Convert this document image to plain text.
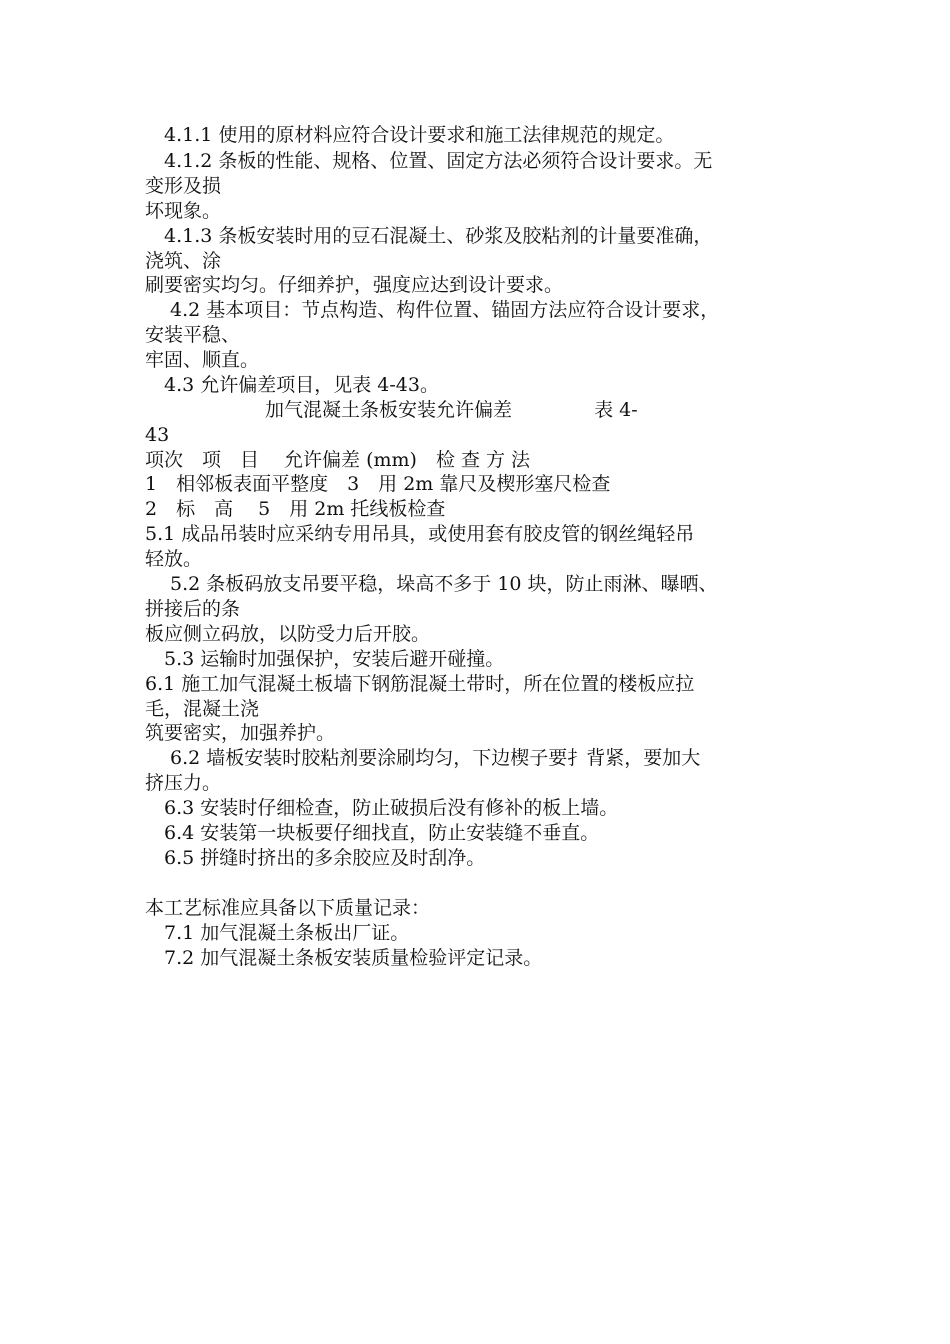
　4.1.1 使用的原材料应符合设计要求和施工法律规范的规定。
　4.1.2 条板的性能、规格、位置、固定方法必须符合设计要求。无
变形及损
坏现象。
　4.1.3 条板安装时用的豆石混凝土、砂浆及胶粘剂的计量要准确，
浇筑、涂
刷要密实均匀。仔细养护，强度应达到设计要求。
　 4.2 基本项目：节点构造、构件位置、锚固方法应符合设计要求，
安装平稳、
牢固、顺直。
　4.3 允许偏差项目，见表 4-43。
　　　　　　 加气混凝土条板安装允许偏差　　　　 表 4-
43
项次　项　目　 允许偏差 (mm)　检 查 方 法
1　相邻板表面平整度　3　用 2m 靠尺及楔形塞尺检查
2　标　高　 5　用 2m 托线板检查
5.1 成品吊装时应采纳专用吊具，或使用套有胶皮管的钢丝绳轻吊
轻放。
　 5.2 条板码放支吊要平稳，垛高不多于 10 块，防止雨淋、曝晒、
拼接后的条
板应侧立码放，以防受力后开胶。
　5.3 运输时加强保护，安装后避开碰撞。
6.1 施工加气混凝土板墙下钢筋混凝土带时，所在位置的楼板应拉
毛，混凝土浇
筑要密实，加强养护。
　 6.2 墙板安装时胶粘剂要涂刷均匀，下边楔子要扌背紧，要加大
挤压力。
　6.3 安装时仔细检查，防止破损后没有修补的板上墙。
　6.4 安装第一块板要仔细找直，防止安装缝不垂直。
　6.5 拼缝时挤出的多余胶应及时刮净。
本工艺标准应具备以下质量记录：
　7.1 加气混凝土条板出厂证。
　7.2 加气混凝土条板安装质量检验评定记录。
